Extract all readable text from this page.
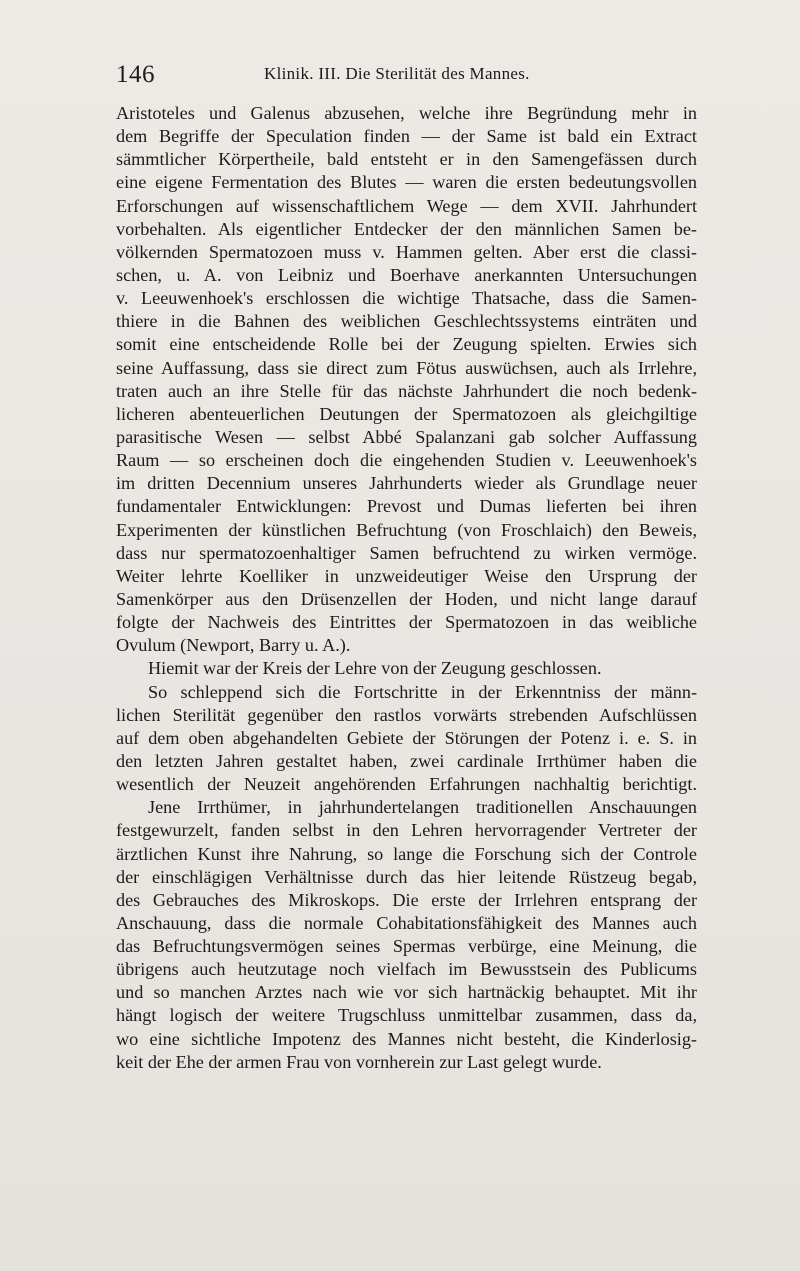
146	Klinik. III. Die Sterilität des Mannes.
Aristoteles und Galenus abzusehen, welche ihre Begründung mehr in
dem Begriffe der Speculation finden — der Same ist bald ein Extract
sämmtlicher Körpertheile, bald entsteht er in den Samengefässen durch
eine eigene Fermentation des Blutes — waren die ersten bedeutungsvollen
Erforschungen auf wissenschaftlichem Wege — dem XVII. Jahrhundert
vorbehalten. Als eigentlicher Entdecker der den männlichen Samen be-
völkernden Spermatozoen muss v. Hammen gelten. Aber erst die classi-
schen, u. A. von Leibniz und Boerhave anerkannten Untersuchungen
v. Leeuwenhoek's erschlossen die wichtige Thatsache, dass die Samen-
thiere in die Bahnen des weiblichen Geschlechtssystems einträten und
somit eine entscheidende Rolle bei der Zeugung spielten. Erwies sich
seine Auffassung, dass sie direct zum Fötus auswüchsen, auch als Irrlehre,
traten auch an ihre Stelle für das nächste Jahrhundert die noch bedenk-
licheren abenteuerlichen Deutungen der Spermatozoen als gleichgiltige
parasitische Wesen — selbst Abbé Spalanzani gab solcher Auffassung
Raum — so erscheinen doch die eingehenden Studien v. Leeuwenhoek's
im dritten Decennium unseres Jahrhunderts wieder als Grundlage neuer
fundamentaler Entwicklungen: Prevost und Dumas lieferten bei ihren
Experimenten der künstlichen Befruchtung (von Froschlaich) den Beweis,
dass nur spermatozoenhaltiger Samen befruchtend zu wirken vermöge.
Weiter lehrte Koelliker in unzweideutiger Weise den Ursprung der
Samenkörper aus den Drüsenzellen der Hoden, und nicht lange darauf
folgte der Nachweis des Eintrittes der Spermatozoen in das weibliche
Ovulum (Newport, Barry u. A.).
Hiemit war der Kreis der Lehre von der Zeugung geschlossen.
So schleppend sich die Fortschritte in der Erkenntniss der männ-
lichen Sterilität gegenüber den rastlos vorwärts strebenden Aufschlüssen
auf dem oben abgehandelten Gebiete der Störungen der Potenz i. e. S. in
den letzten Jahren gestaltet haben, zwei cardinale Irrthümer haben die
wesentlich der Neuzeit angehörenden Erfahrungen nachhaltig berichtigt.
Jene Irrthümer, in jahrhundertelangen traditionellen Anschauungen
festgewurzelt, fanden selbst in den Lehren hervorragender Vertreter der
ärztlichen Kunst ihre Nahrung, so lange die Forschung sich der Controle
der einschlägigen Verhältnisse durch das hier leitende Rüstzeug begab,
des Gebrauches des Mikroskops. Die erste der Irrlehren entsprang der
Anschauung, dass die normale Cohabitationsfähigkeit des Mannes auch
das Befruchtungsvermögen seines Spermas verbürge, eine Meinung, die
übrigens auch heutzutage noch vielfach im Bewusstsein des Publicums
und so manchen Arztes nach wie vor sich hartnäckig behauptet. Mit ihr
hängt logisch der weitere Trugschluss unmittelbar zusammen, dass da,
wo eine sichtliche Impotenz des Mannes nicht besteht, die Kinderlosig-
keit der Ehe der armen Frau von vornherein zur Last gelegt wurde.
